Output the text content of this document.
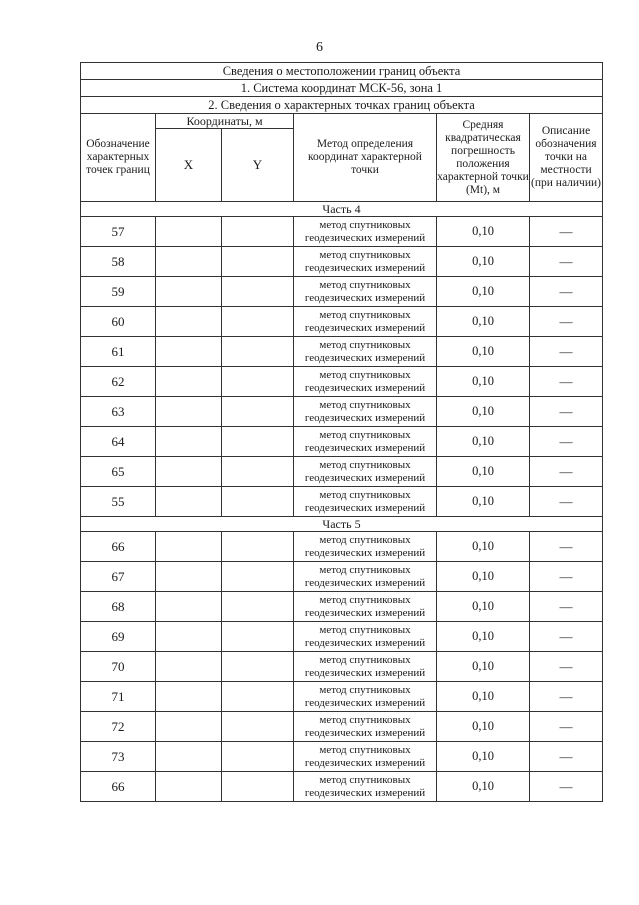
6
Сведения о местоположении границ объекта					
1. Система координат МСК-56, зона 1					
2. Сведения о характерных точках границ объекта					
Обозначение характерных точек границ	Координаты, м		Метод определения координат характерной точки	Средняя квадратическая погрешность положения характерной точки (Mt), м	Описание обозначения точки на местности (при наличии)
	X	Y			
Часть 4					
57			метод спутниковых геодезических измерений	0,10	—
58			метод спутниковых геодезических измерений	0,10	—
59			метод спутниковых геодезических измерений	0,10	—
60			метод спутниковых геодезических измерений	0,10	—
61			метод спутниковых геодезических измерений	0,10	—
62			метод спутниковых геодезических измерений	0,10	—
63			метод спутниковых геодезических измерений	0,10	—
64			метод спутниковых геодезических измерений	0,10	—
65			метод спутниковых геодезических измерений	0,10	—
55			метод спутниковых геодезических измерений	0,10	—
Часть 5					
66			метод спутниковых геодезических измерений	0,10	—
67			метод спутниковых геодезических измерений	0,10	—
68			метод спутниковых геодезических измерений	0,10	—
69			метод спутниковых геодезических измерений	0,10	—
70			метод спутниковых геодезических измерений	0,10	—
71			метод спутниковых геодезических измерений	0,10	—
72			метод спутниковых геодезических измерений	0,10	—
73			метод спутниковых геодезических измерений	0,10	—
66			метод спутниковых геодезических измерений	0,10	—
